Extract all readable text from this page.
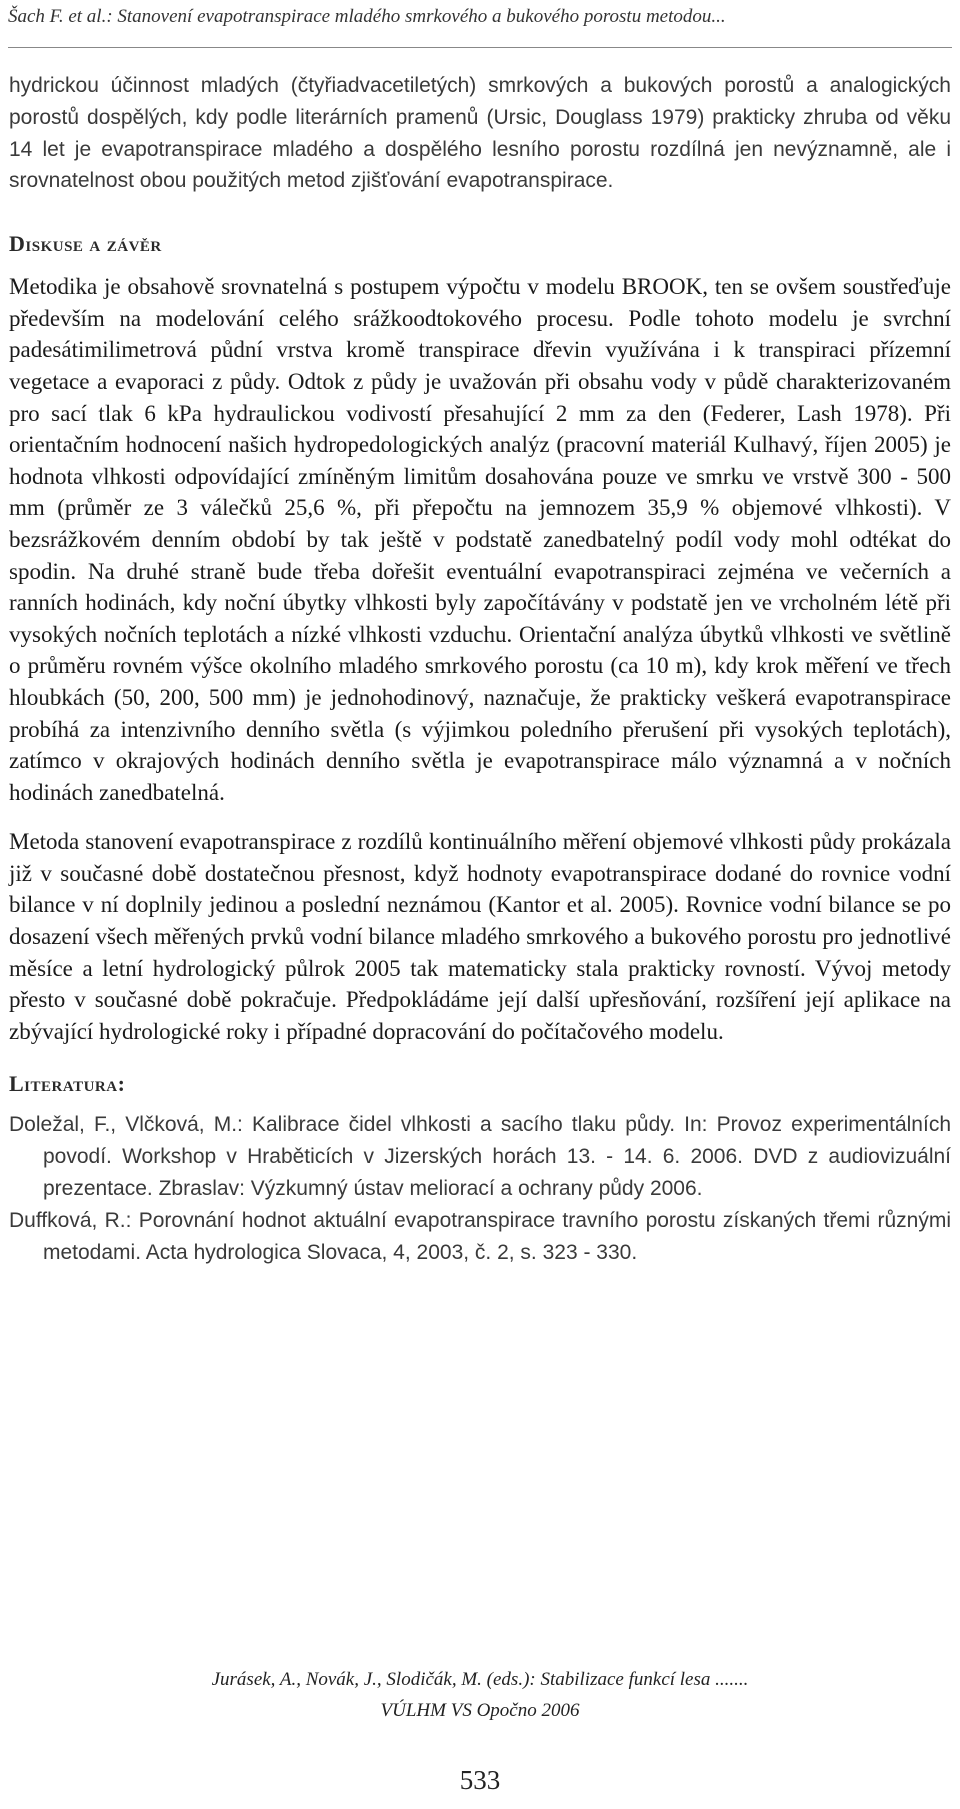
Šach F. et al.: Stanovení evapotranspirace mladého smrkového a bukového porostu metodou...

hydrickou účinnost mladých (čtyřiadvacetiletých) smrkových a bukových porostů a analogických porostů dospělých, kdy podle literárních pramenů (Ursic, Douglass 1979) prakticky zhruba od věku 14 let je evapotranspirace mladého a dospělého lesního porostu rozdílná jen nevýznamně, ale i srovnatelnost obou použitých metod zjišťování evapotranspirace.

Diskuse a závěr

Metodika je obsahově srovnatelná s postupem výpočtu v modelu BROOK, ten se ovšem soustřeďuje především na modelování celého srážkoodtokového procesu. Podle tohoto modelu je svrchní padesátimilimetrová půdní vrstva kromě transpirace dřevin využívána i k transpiraci přízemní vegetace a evaporaci z půdy. Odtok z půdy je uvažován při obsahu vody v půdě charakterizovaném pro sací tlak 6 kPa hydraulickou vodivostí přesahující 2 mm za den (Federer, Lash 1978). Při orientačním hodnocení našich hydropedologických analýz (pracovní materiál Kulhavý, říjen 2005) je hodnota vlhkosti odpovídající zmíněným limitům dosahována pouze ve smrku ve vrstvě 300 - 500 mm (průměr ze 3 válečků 25,6 %, při přepočtu na jemnozem 35,9 % objemové vlhkosti). V bezsrážkovém denním období by tak ještě v podstatě zanedbatelný podíl vody mohl odtékat do spodin. Na druhé straně bude třeba dořešit eventuální evapotranspiraci zejména ve večerních a ranních hodinách, kdy noční úbytky vlhkosti byly započítávány v podstatě jen ve vrcholném létě při vysokých nočních teplotách a nízké vlhkosti vzduchu. Orientační analýza úbytků vlhkosti ve světlině o průměru rovném výšce okolního mladého smrkového porostu (ca 10 m), kdy krok měření ve třech hloubkách (50, 200, 500 mm) je jednohodinový, naznačuje, že prakticky veškerá evapotranspirace probíhá za intenzivního denního světla (s výjimkou poledního přerušení při vysokých teplotách), zatímco v okrajových hodinách denního světla je evapotranspirace málo významná a v nočních hodinách zanedbatelná.

Metoda stanovení evapotranspirace z rozdílů kontinuálního měření objemové vlhkosti půdy prokázala již v současné době dostatečnou přesnost, když hodnoty evapotranspirace dodané do rovnice vodní bilance v ní doplnily jedinou a poslední neznámou (Kantor et al. 2005). Rovnice vodní bilance se po dosazení všech měřených prvků vodní bilance mladého smrkového a bukového porostu pro jednotlivé měsíce a letní hydrologický půlrok 2005 tak matematicky stala prakticky rovností. Vývoj metody přesto v současné době pokračuje. Předpokládáme její další upřesňování, rozšíření její aplikace na zbývající hydrologické roky i případné dopracování do počítačového modelu.

Literatura:
Doležal, F., Vlčková, M.: Kalibrace čidel vlhkosti a sacího tlaku půdy. In: Provoz experimentálních povodí. Workshop v Hraběticích v Jizerských horách 13. - 14. 6. 2006. DVD z audiovizuální prezentace. Zbraslav: Výzkumný ústav meliorací a ochrany půdy 2006.
Duffková, R.: Porovnání hodnot aktuální evapotranspirace travního porostu získaných třemi různými metodami. Acta hydrologica Slovaca, 4, 2003, č. 2, s. 323 - 330.
Jurásek, A., Novák, J., Slodičák, M. (eds.): Stabilizace funkcí lesa .......
VÚLHM VS Opočno 2006
533
